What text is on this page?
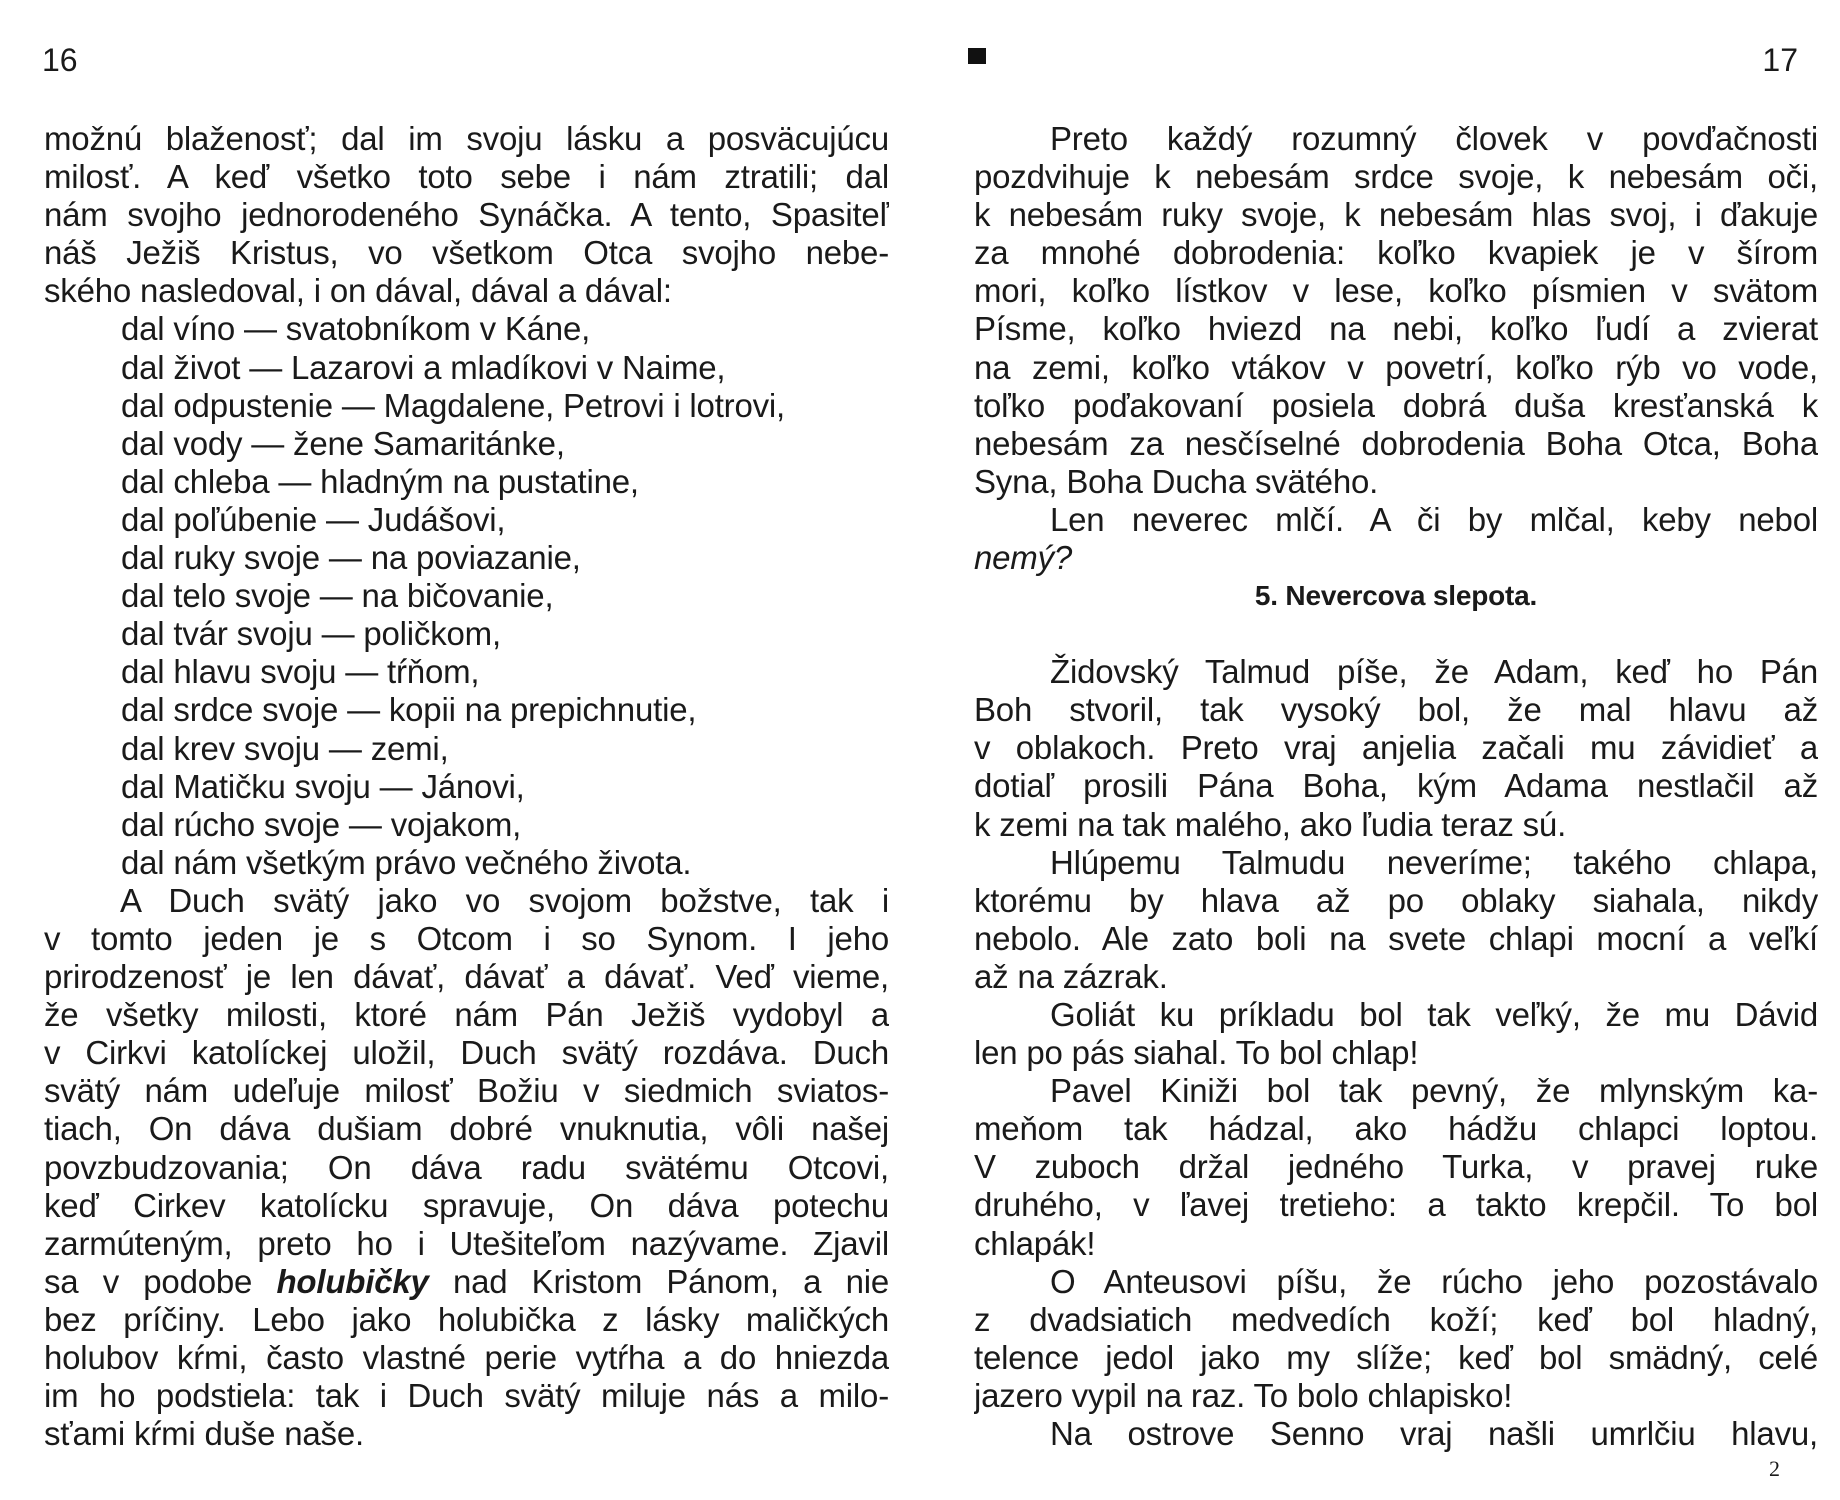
16
možnú blaženosť; dal im svoju lásku a posväcujúcu
milosť. A keď všetko toto sebe i nám ztratili; dal
nám svojho jednorodeného Synáčka. A tento, Spasiteľ
náš Ježiš Kristus, vo všetkom Otca svojho nebe-
ského nasledoval, i on dával, dával a dával:
dal víno — svatobníkom v Káne,
dal život — Lazarovi a mladíkovi v Naime,
dal odpustenie — Magdalene, Petrovi i lotrovi,
dal vody — žene Samaritánke,
dal chleba — hladným na pustatine,
dal poľúbenie — Judášovi,
dal ruky svoje — na poviazanie,
dal telo svoje — na bičovanie,
dal tvár svoju — poličkom,
dal hlavu svoju — tŕňom,
dal srdce svoje — kopii na prepichnutie,
dal krev svoju — zemi,
dal Matičku svoju — Jánovi,
dal rúcho svoje — vojakom,
dal nám všetkým právo večného života.
A Duch svätý jako vo svojom božstve, tak i
v tomto jeden je s Otcom i so Synom. I jeho
prirodzenosť je len dávať, dávať a dávať. Veď vieme,
že všetky milosti, ktoré nám Pán Ježiš vydobyl a
v Cirkvi katolíckej uložil, Duch svätý rozdáva. Duch
svätý nám udeľuje milosť Božiu v siedmich sviatos-
tiach, On dáva dušiam dobré vnuknutia, vôli našej
povzbudzovania; On dáva radu svätému Otcovi,
keď Cirkev katolícku spravuje, On dáva potechu
zarmúteným, preto ho i Utešiteľom nazývame. Zjavil
sa v podobe holubičky nad Kristom Pánom, a nie
bez príčiny. Lebo jako holubička z lásky maličkých
holubov kŕmi, často vlastné perie vytŕha a do hniezda
im ho podstiela: tak i Duch svätý miluje nás a milo-
sťami kŕmi duše naše.
17
Preto každý rozumný človek v povďačnosti
pozdvihuje k nebesám srdce svoje, k nebesám oči,
k nebesám ruky svoje, k nebesám hlas svoj, i ďakuje
za mnohé dobrodenia: koľko kvapiek je v šírom
mori, koľko lístkov v lese, koľko písmien v svätom
Písme, koľko hviezd na nebi, koľko ľudí a zvierat
na zemi, koľko vtákov v povetrí, koľko rýb vo vode,
toľko poďakovaní posiela dobrá duša kresťanská k
nebesám za nesčíselné dobrodenia Boha Otca, Boha
Syna, Boha Ducha svätého.
Len neverec mlčí. A či by mlčal, keby nebol
nemý?
5. Nevercova slepota.
Židovský Talmud píše, že Adam, keď ho Pán
Boh stvoril, tak vysoký bol, že mal hlavu až
v oblakoch. Preto vraj anjelia začali mu závidieť a
dotiaľ prosili Pána Boha, kým Adama nestlačil až
k zemi na tak malého, ako ľudia teraz sú.
Hlúpemu Talmudu neveríme; takého chlapa,
ktorému by hlava až po oblaky siahala, nikdy
nebolo. Ale zato boli na svete chlapi mocní a veľkí
až na zázrak.
Goliát ku príkladu bol tak veľký, že mu Dávid
len po pás siahal. To bol chlap!
Pavel Kiniži bol tak pevný, že mlynským ka-
meňom tak hádzal, ako hádžu chlapci loptou.
V zuboch držal jedného Turka, v pravej ruke
druhého, v ľavej tretieho: a takto krepčil. To bol
chlapák!
O Anteusovi píšu, že rúcho jeho pozostávalo
z dvadsiatich medvedích koží; keď bol hladný,
telence jedol jako my slíže; keď bol smädný, celé
jazero vypil na raz. To bolo chlapisko!
Na ostrove Senno vraj našli umrlčiu hlavu,
2
